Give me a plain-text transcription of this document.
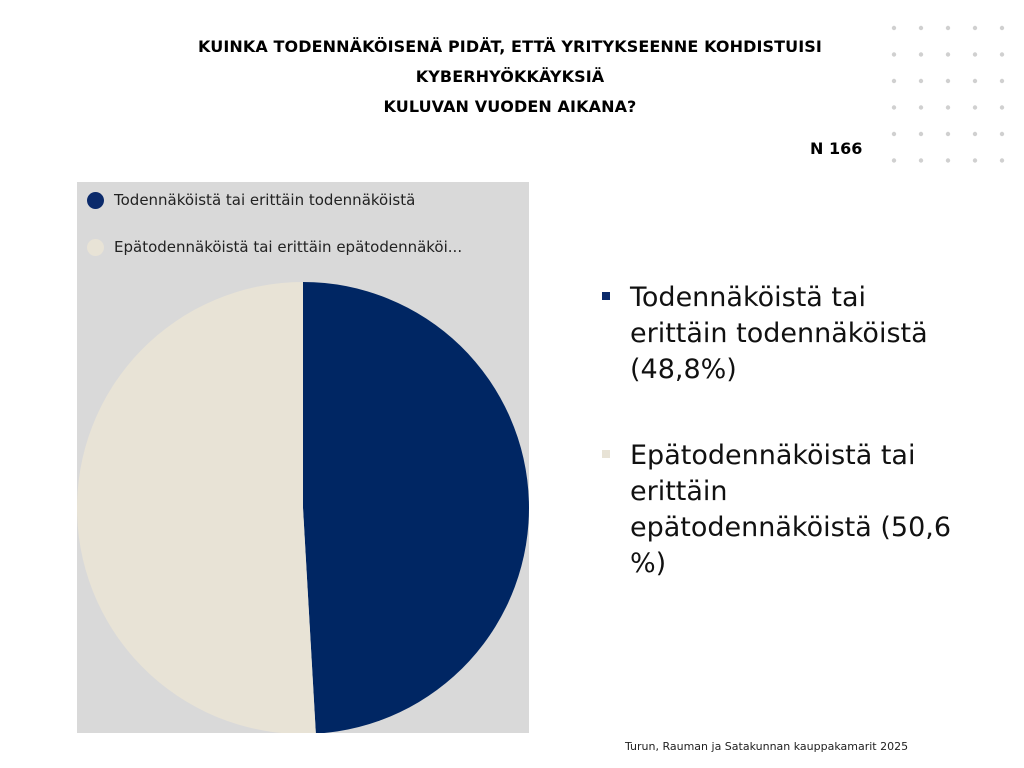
KUINKA TODENNÄKÖISENÄ PIDÄT, ETTÄ YRITYKSEENNE KOHDISTUISI
KYBERHYÖKKÄYKSIÄ
KULUVAN VUODEN AIKANA?
N 166
Todennäköistä tai erittäin todennäköistä
Epätodennäköistä tai erittäin epätodennäköi...
Todennäköistä tai erittäin todennäköistä (48,8%)
Epätodennäköistä tai erittäin epätodennäköistä (50,6 %)
Turun, Rauman ja Satakunnan kauppakamarit 2025
